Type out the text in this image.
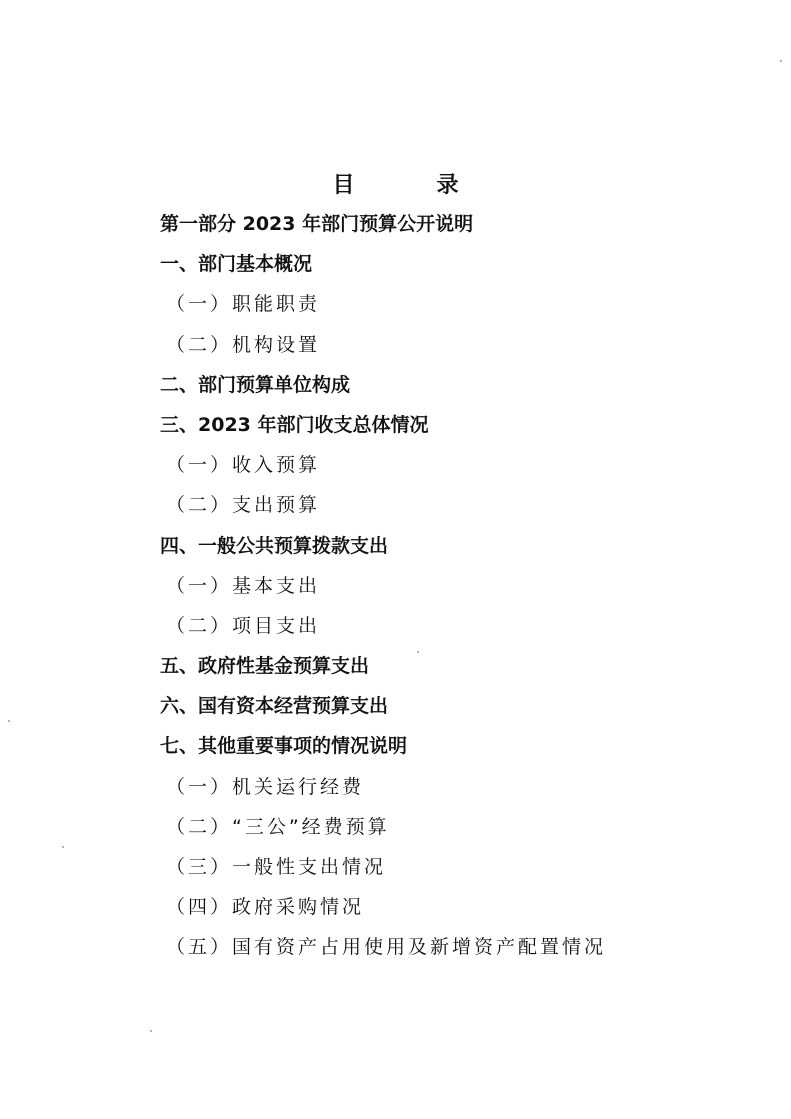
目　录
第一部分 2023 年部门预算公开说明
一、部门基本概况
（一）职能职责
（二）机构设置
二、部门预算单位构成
三、2023 年部门收支总体情况
（一）收入预算
（二）支出预算
四、一般公共预算拨款支出
（一）基本支出
（二）项目支出
五、政府性基金预算支出
六、国有资本经营预算支出
七、其他重要事项的情况说明
（一）机关运行经费
（二）“三公”经费预算
（三）一般性支出情况
（四）政府采购情况
（五）国有资产占用使用及新增资产配置情况
